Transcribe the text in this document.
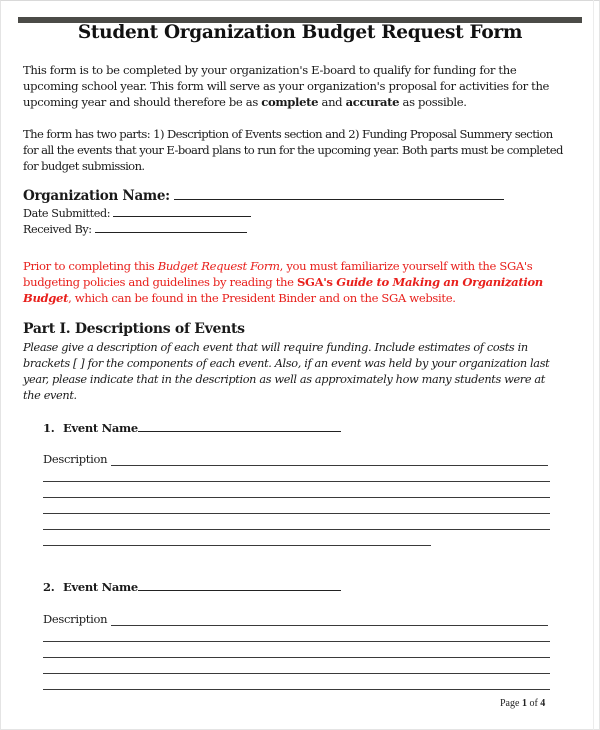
Student Organization Budget Request Form
This form is to be completed by your organization's E-board to qualify for funding for the upcoming school year. This form will serve as your organization's proposal for activities for the upcoming year and should therefore be as complete and accurate as possible.
The form has two parts: 1) Description of Events section and 2) Funding Proposal Summery section for all the events that your E-board plans to run for the upcoming year. Both parts must be completed for budget submission.
Organization Name:
Date Submitted:
Received By:
Prior to completing this Budget Request Form, you must familiarize yourself with the SGA's budgeting policies and guidelines by reading the SGA's Guide to Making an Organization Budget, which can be found in the President Binder and on the SGA website.
Part I. Descriptions of Events
Please give a description of each event that will require funding. Include estimates of costs in brackets [ ] for the components of each event. Also, if an event was held by your organization last year, please indicate that in the description as well as approximately how many students were at the event.
1. Event Name
Description
2. Event Name
Description
Page 1 of 4
